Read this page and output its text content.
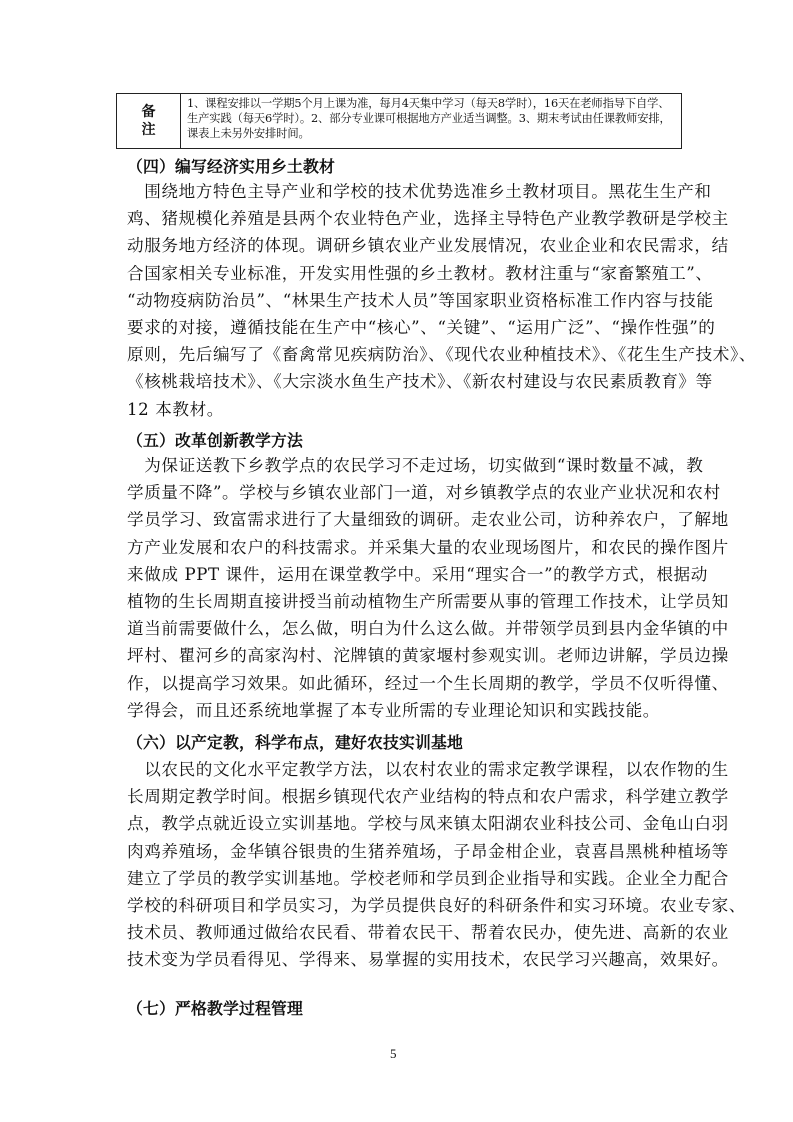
备
注
1、课程安排以一学期5个月上课为准，每月4天集中学习（每天8学时），16天在老师指导下自学、
生产实践（每天6学时）。2、部分专业课可根据地方产业适当调整。3、期末考试由任课教师安排，
课表上未另外安排时间。
（四）编写经济实用乡土教材
　围绕地方特色主导产业和学校的技术优势选准乡土教材项目。黑花生生产和
鸡、猪规模化养殖是县两个农业特色产业，选择主导特色产业教学教研是学校主
动服务地方经济的体现。调研乡镇农业产业发展情况，农业企业和农民需求，结
合国家相关专业标准，开发实用性强的乡土教材。教材注重与“家畜繁殖工”、
“动物疫病防治员”、“林果生产技术人员”等国家职业资格标准工作内容与技能
要求的对接，遵循技能在生产中“核心”、“关键”、“运用广泛”、“操作性强”的
原则，先后编写了《畜禽常见疾病防治》、《现代农业种植技术》、《花生生产技术》、
《核桃栽培技术》、《大宗淡水鱼生产技术》、《新农村建设与农民素质教育》等
12 本教材。
（五）改革创新教学方法
　为保证送教下乡教学点的农民学习不走过场，切实做到“课时数量不减，教
学质量不降”。学校与乡镇农业部门一道，对乡镇教学点的农业产业状况和农村
学员学习、致富需求进行了大量细致的调研。走农业公司，访种养农户，了解地
方产业发展和农户的科技需求。并采集大量的农业现场图片，和农民的操作图片
来做成 PPT 课件，运用在课堂教学中。采用“理实合一”的教学方式，根据动
植物的生长周期直接讲授当前动植物生产所需要从事的管理工作技术，让学员知
道当前需要做什么，怎么做，明白为什么这么做。并带领学员到县内金华镇的中
坪村、瞿河乡的高家沟村、沱牌镇的黄家堰村参观实训。老师边讲解，学员边操
作，以提高学习效果。如此循环，经过一个生长周期的教学，学员不仅听得懂、
学得会，而且还系统地掌握了本专业所需的专业理论知识和实践技能。
（六）以产定教，科学布点，建好农技实训基地
　以农民的文化水平定教学方法，以农村农业的需求定教学课程，以农作物的生
长周期定教学时间。根据乡镇现代农产业结构的特点和农户需求，科学建立教学
点，教学点就近设立实训基地。学校与凤来镇太阳湖农业科技公司、金龟山白羽
肉鸡养殖场，金华镇谷银贵的生猪养殖场，子昂金柑企业，袁喜昌黑桃种植场等
建立了学员的教学实训基地。学校老师和学员到企业指导和实践。企业全力配合
学校的科研项目和学员实习，为学员提供良好的科研条件和实习环境。农业专家、
技术员、教师通过做给农民看、带着农民干、帮着农民办，使先进、高新的农业
技术变为学员看得见、学得来、易掌握的实用技术，农民学习兴趣高，效果好。
（七）严格教学过程管理
5
